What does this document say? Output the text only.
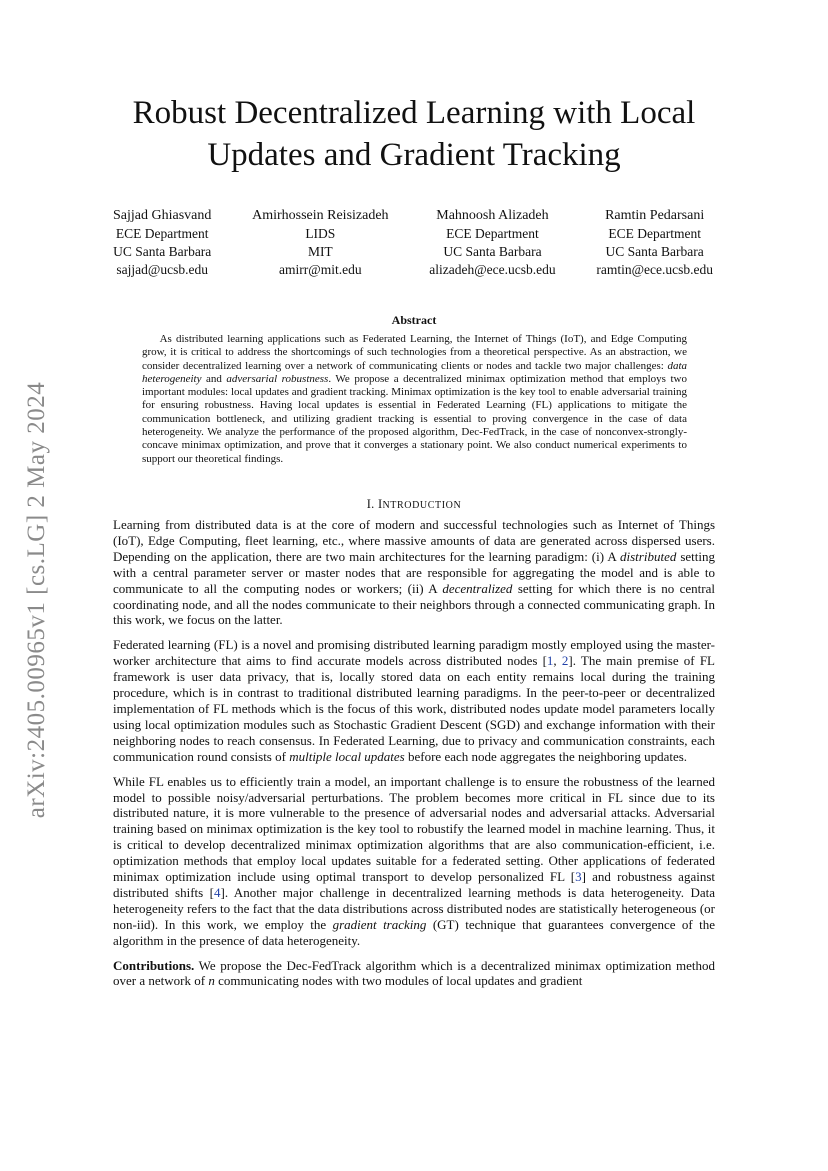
arXiv:2405.00965v1 [cs.LG] 2 May 2024
Robust Decentralized Learning with Local
Updates and Gradient Tracking
Sajjad Ghiasvand
ECE Department
UC Santa Barbara
sajjad@ucsb.edu
Amirhossein Reisizadeh
LIDS
MIT
amirr@mit.edu
Mahnoosh Alizadeh
ECE Department
UC Santa Barbara
alizadeh@ece.ucsb.edu
Ramtin Pedarsani
ECE Department
UC Santa Barbara
ramtin@ece.ucsb.edu
Abstract
As distributed learning applications such as Federated Learning, the Internet of Things (IoT), and Edge Computing grow, it is critical to address the shortcomings of such technologies from a theoretical perspective. As an abstraction, we consider decentralized learning over a network of communicating clients or nodes and tackle two major challenges: data heterogeneity and adversarial robustness. We propose a decentralized minimax optimization method that employs two important modules: local updates and gradient tracking. Minimax optimization is the key tool to enable adversarial training for ensuring robustness. Having local updates is essential in Federated Learning (FL) applications to mitigate the communication bottleneck, and utilizing gradient tracking is essential to proving convergence in the case of data heterogeneity. We analyze the performance of the proposed algorithm, Dec-FedTrack, in the case of nonconvex-strongly-concave minimax optimization, and prove that it converges a stationary point. We also conduct numerical experiments to support our theoretical findings.
I. INTRODUCTION

Learning from distributed data is at the core of modern and successful technologies such as Internet of Things (IoT), Edge Computing, fleet learning, etc., where massive amounts of data are generated across dispersed users. Depending on the application, there are two main architectures for the learning paradigm: (i) A distributed setting with a central parameter server or master nodes that are responsible for aggregating the model and is able to communicate to all the computing nodes or workers; (ii) A decentralized setting for which there is no central coordinating node, and all the nodes communicate to their neighbors through a connected communicating graph. In this work, we focus on the latter.

Federated learning (FL) is a novel and promising distributed learning paradigm mostly employed using the master-worker architecture that aims to find accurate models across distributed nodes [1, 2]. The main premise of FL framework is user data privacy, that is, locally stored data on each entity remains local during the training procedure, which is in contrast to traditional distributed learning paradigms. In the peer-to-peer or decentralized implementation of FL methods which is the focus of this work, distributed nodes update model parameters locally using local optimization modules such as Stochastic Gradient Descent (SGD) and exchange information with their neighboring nodes to reach consensus. In Federated Learning, due to privacy and communication constraints, each communication round consists of multiple local updates before each node aggregates the neighboring updates.

While FL enables us to efficiently train a model, an important challenge is to ensure the robustness of the learned model to possible noisy/adversarial perturbations. The problem becomes more critical in FL since due to its distributed nature, it is more vulnerable to the presence of adversarial nodes and adversarial attacks. Adversarial training based on minimax optimization is the key tool to robustify the learned model in machine learning. Thus, it is critical to develop decentralized minimax optimization algorithms that are also communication-efficient, i.e. optimization methods that employ local updates suitable for a federated setting. Other applications of federated minimax optimization include using optimal transport to develop personalized FL [3] and robustness against distributed shifts [4]. Another major challenge in decentralized learning methods is data heterogeneity. Data heterogeneity refers to the fact that the data distributions across distributed nodes are statistically heterogeneous (or non-iid). In this work, we employ the gradient tracking (GT) technique that guarantees convergence of the algorithm in the presence of data heterogeneity.

Contributions. We propose the Dec-FedTrack algorithm which is a decentralized minimax optimization method over a network of n communicating nodes with two modules of local updates and gradient
